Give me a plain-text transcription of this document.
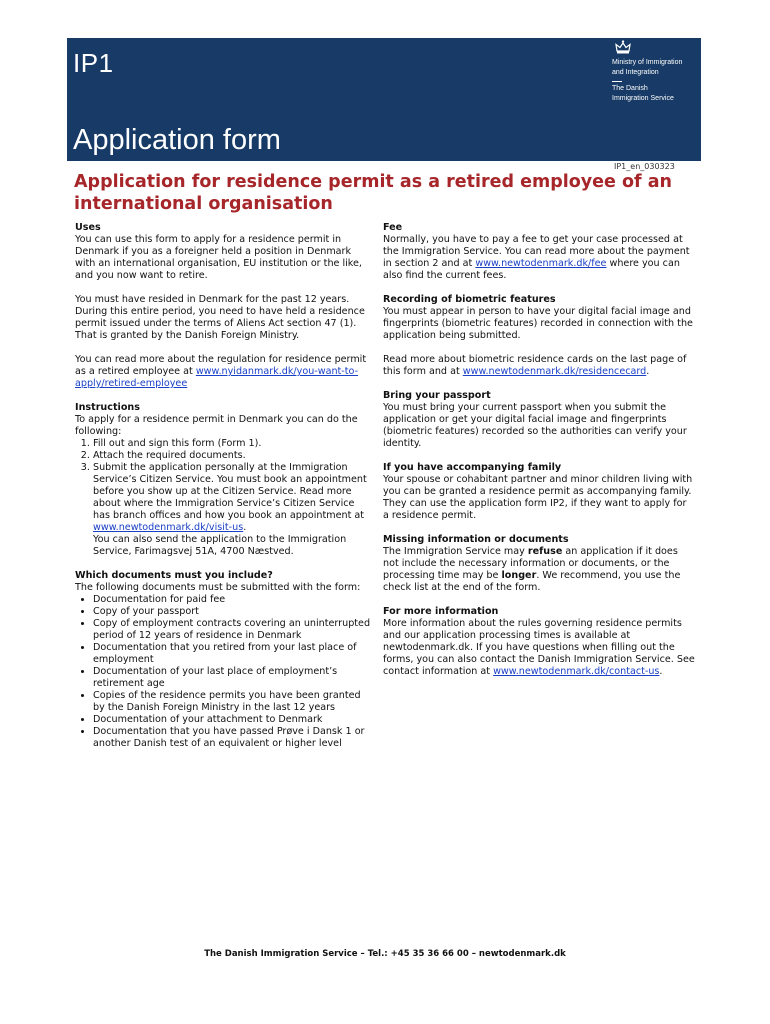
IP1
Application form
Ministry of Immigration
and Integration
The Danish
Immigration Service
IP1_en_030323
Application for residence permit as a retired employee of an international organisation
Uses

You can use this form to apply for a residence permit in Denmark if you as a foreigner held a position in Denmark with an international organisation, EU institution or the like, and you now want to retire.

You must have resided in Denmark for the past 12 years. During this entire period, you need to have held a residence permit issued under the terms of Aliens Act section 47 (1). That is granted by the Danish Foreign Ministry.

You can read more about the regulation for residence permit as a retired employee at www.nyidanmark.dk/you-want-to-apply/retired-employee

Instructions
To apply for a residence permit in Denmark you can do the following:
1. Fill out and sign this form (Form 1).
2. Attach the required documents.
3. Submit the application personally at the Immigration Service’s Citizen Service. You must book an appointment before you show up at the Citizen Service. Read more about where the Immigration Service’s Citizen Service has branch offices and how you book an appointment at www.newtodenmark.dk/visit-us.
You can also send the application to the Immigration Service, Farimagsvej 51A, 4700 Næstved.
Which documents must you include?
The following documents must be submitted with the form:
• Documentation for paid fee
• Copy of your passport
• Copy of employment contracts covering an uninterrupted period of 12 years of residence in Denmark
• Documentation that you retired from your last place of employment
• Documentation of your last place of employment’s retirement age
• Copies of the residence permits you have been granted by the Danish Foreign Ministry in the last 12 years
• Documentation of your attachment to Denmark
• Documentation that you have passed Prøve i Dansk 1 or another Danish test of an equivalent or higher level
Fee

Normally, you have to pay a fee to get your case processed at the Immigration Service. You can read more about the payment in section 2 and at www.newtodenmark.dk/fee where you can also find the current fees.

Recording of biometric features

You must appear in person to have your digital facial image and fingerprints (biometric features) recorded in connection with the application being submitted.

Read more about biometric residence cards on the last page of this form and at www.newtodenmark.dk/residencecard.

Bring your passport

You must bring your current passport when you submit the application or get your digital facial image and fingerprints (biometric features) recorded so the authorities can verify your identity.

If you have accompanying family

Your spouse or cohabitant partner and minor children living with you can be granted a residence permit as accompanying family. They can use the application form IP2, if they want to apply for a residence permit.

Missing information or documents

The Immigration Service may refuse an application if it does not include the necessary information or documents, or the processing time may be longer. We recommend, you use the check list at the end of the form.

For more information

More information about the rules governing residence permits and our application processing times is available at newtodenmark.dk. If you have questions when filling out the forms, you can also contact the Danish Immigration Service. See contact information at www.newtodenmark.dk/contact-us.

The Danish Immigration Service – Tel.: +45 35 36 66 00 – newtodenmark.dk
